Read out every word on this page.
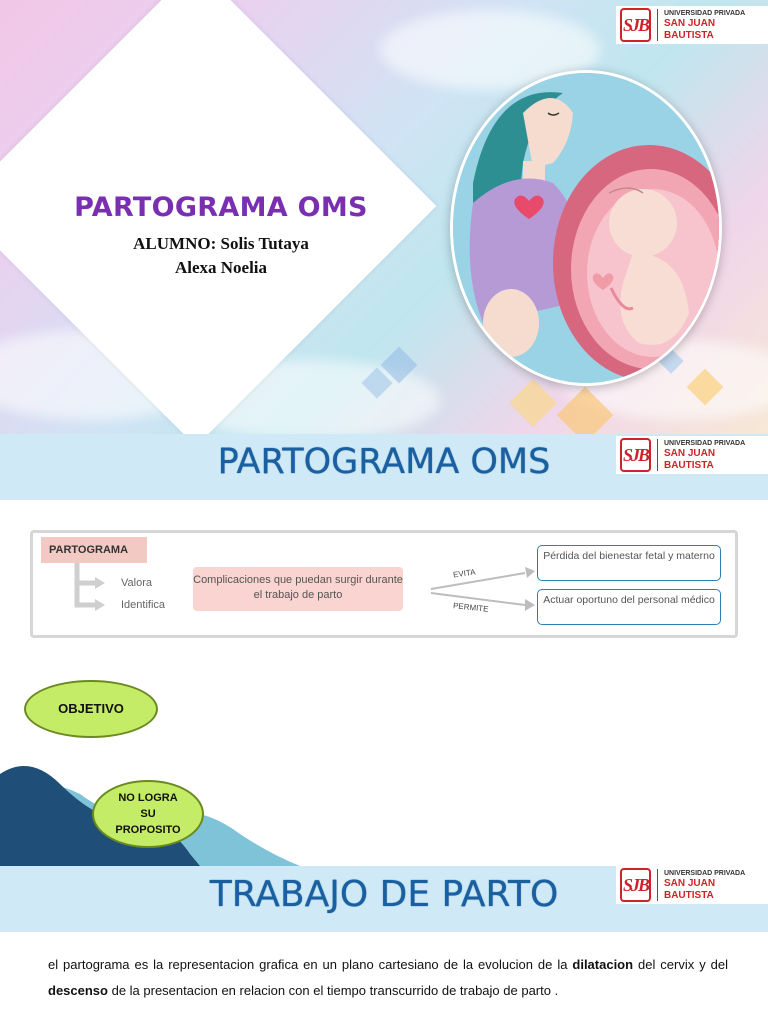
PARTOGRAMA OMS
ALUMNO: Solis Tutaya
Alexa Noelia
SJB
UNIVERSIDAD PRIVADA
SAN JUAN BAUTISTA
PARTOGRAMA OMS	SJB
UNIVERSIDAD PRIVADA
SAN JUAN BAUTISTA
PARTOGRAMA
Valora
Identifica
Complicaciones que puedan surgir durante el trabajo de parto
EVITA
PERMITE
Pérdida del bienestar fetal y materno
Actuar oportuno del personal médico
OBJETIVO
NO LOGRA
SU
PROPOSITO
TRABAJO DE PARTO	SJB
UNIVERSIDAD PRIVADA
SAN JUAN BAUTISTA
el partograma es la representacion grafica en un plano cartesiano de la evolucion de la dilatacion del cervix y del descenso de la presentacion en relacion con el tiempo transcurrido de trabajo de parto .
